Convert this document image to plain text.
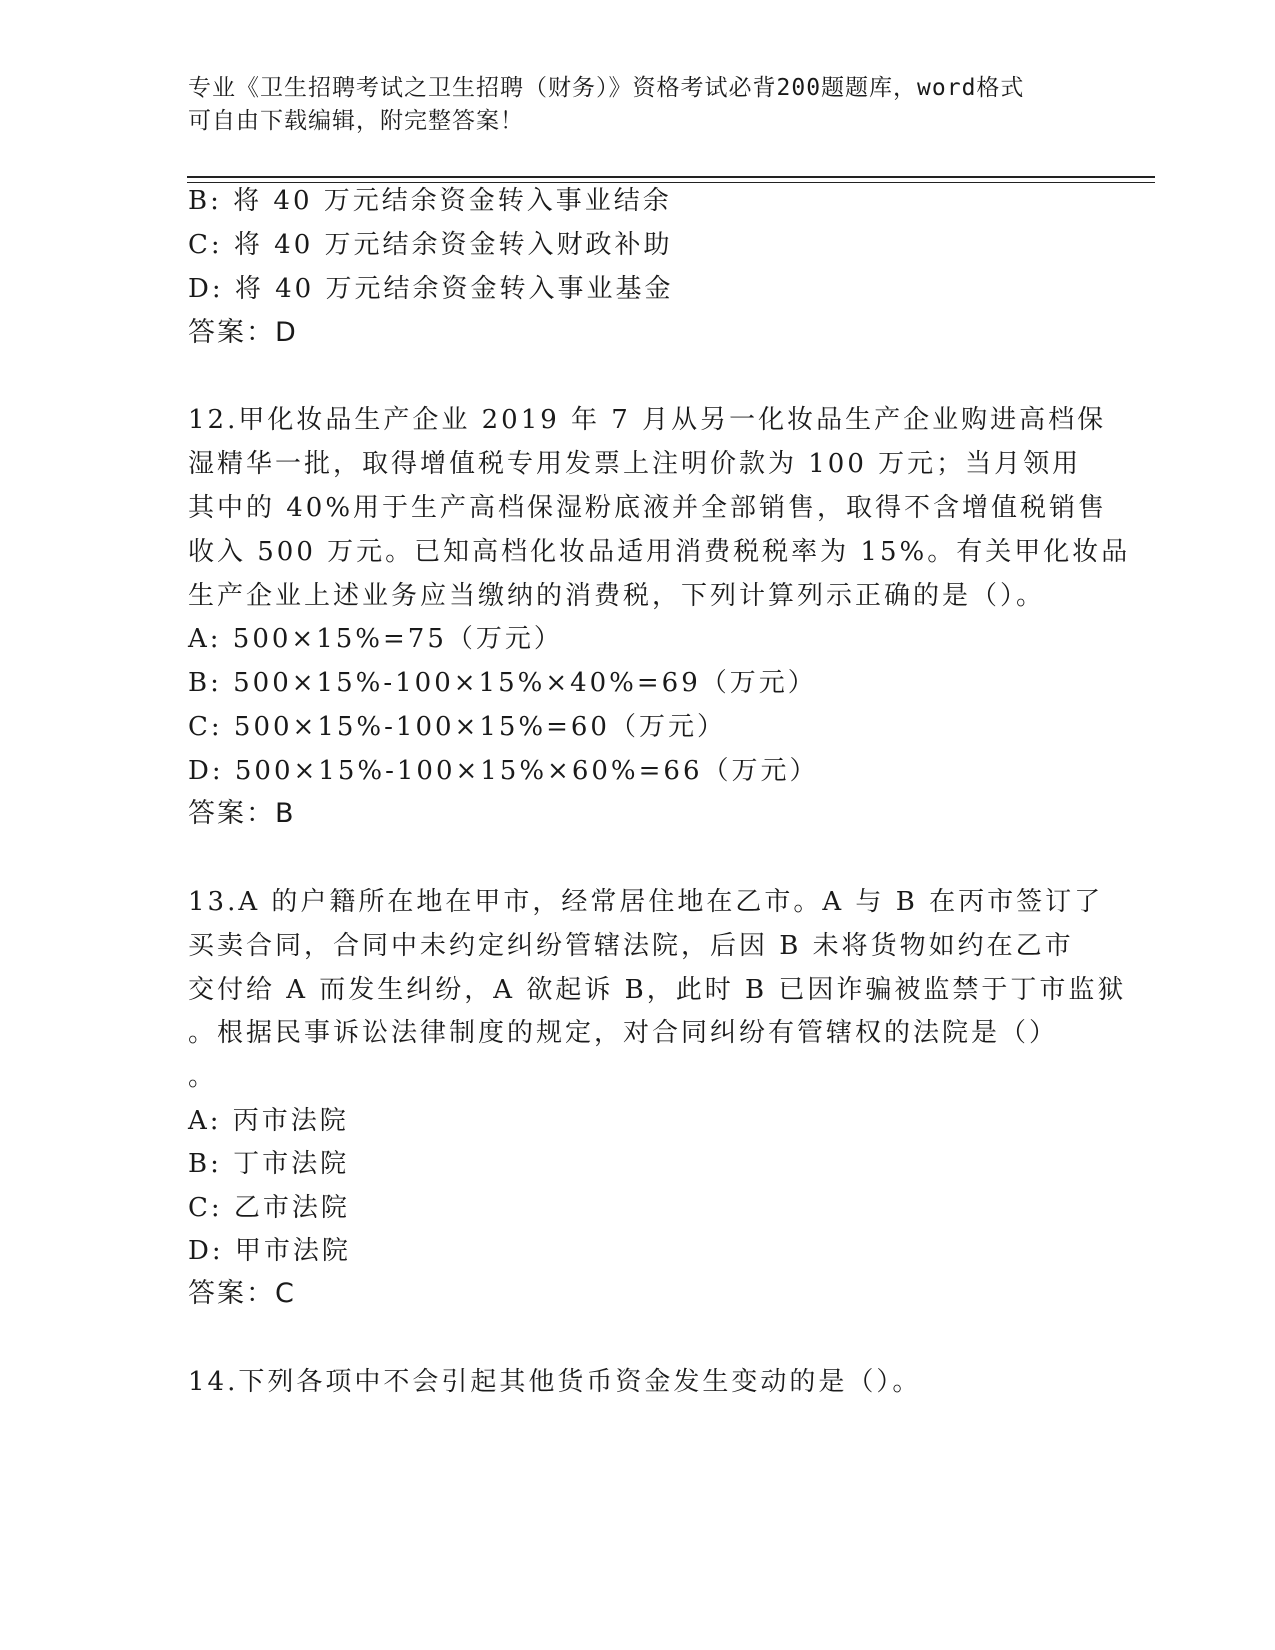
专业《卫生招聘考试之卫生招聘（财务）》资格考试必背200题题库，word格式
可自由下载编辑，附完整答案！
B: 将 40 万元结余资金转入事业结余
C: 将 40 万元结余资金转入财政补助
D: 将 40 万元结余资金转入事业基金
答案：D
12.甲化妆品生产企业 2019 年 7 月从另一化妆品生产企业购进高档保
湿精华一批，取得增值税专用发票上注明价款为 100 万元；当月领用
其中的 40%用于生产高档保湿粉底液并全部销售，取得不含增值税销售
收入 500 万元。已知高档化妆品适用消费税税率为 15%。有关甲化妆品
生产企业上述业务应当缴纳的消费税，下列计算列示正确的是（）。
A: 500×15%=75（万元）
B: 500×15%-100×15%×40%=69（万元）
C: 500×15%-100×15%=60（万元）
D: 500×15%-100×15%×60%=66（万元）
答案：B
13.A 的户籍所在地在甲市，经常居住地在乙市。A 与 B 在丙市签订了
买卖合同，合同中未约定纠纷管辖法院，后因 B 未将货物如约在乙市
交付给 A 而发生纠纷，A 欲起诉 B，此时 B 已因诈骗被监禁于丁市监狱
。根据民事诉讼法律制度的规定，对合同纠纷有管辖权的法院是（）
。
A: 丙市法院
B: 丁市法院
C: 乙市法院
D: 甲市法院
答案：C
14.下列各项中不会引起其他货币资金发生变动的是（）。
